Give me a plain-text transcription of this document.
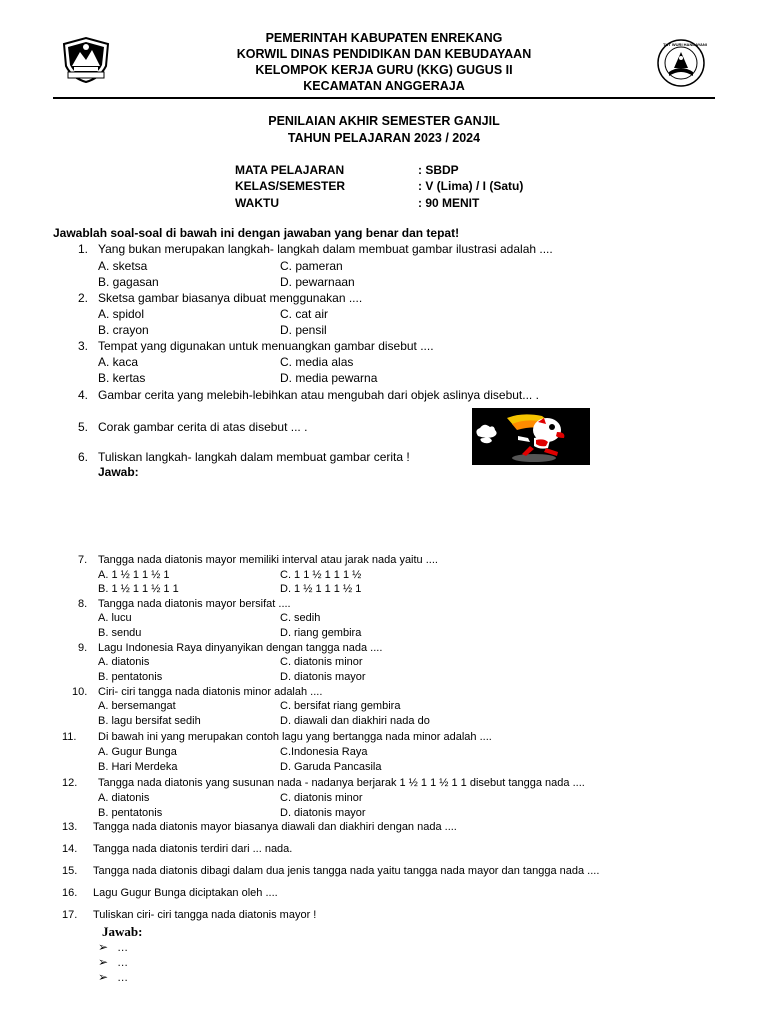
TUT WURI HANDAYANI
PEMERINTAH KABUPATEN ENREKANG
KORWIL DINAS PENDIDIKAN DAN KEBUDAYAAN
KELOMPOK KERJA GURU (KKG) GUGUS II
KECAMATAN ANGGERAJA
PENILAIAN AKHIR SEMESTER GANJIL
TAHUN PELAJARAN 2023 / 2024
MATA PELAJARAN	: SBDP
KELAS/SEMESTER	: V (Lima) / I (Satu)
WAKTU	: 90 MENIT
Jawablah soal-soal di bawah ini dengan jawaban yang benar dan tepat!
1. Yang bukan merupakan langkah- langkah dalam membuat gambar ilustrasi adalah ....
A. sketsa	C. pameran
B. gagasan	D. pewarnaan
2. Sketsa gambar biasanya dibuat menggunakan ....
A. spidol	C. cat air
B. crayon	D. pensil
3. Tempat yang digunakan untuk menuangkan gambar disebut ....
A. kaca	C. media alas
B. kertas	D. media pewarna
4. Gambar cerita yang melebih-lebihkan atau mengubah dari objek aslinya disebut... .
5. Corak gambar cerita di atas disebut ... .
6. Tuliskan langkah- langkah dalam membuat gambar cerita !
Jawab:
7. Tangga nada diatonis mayor memiliki interval atau jarak nada yaitu ....
A. 1 ½ 1 1 ½ 1	C. 1 1 ½ 1 1 1 ½
B. 1 ½ 1 1 ½ 1 1	D. 1 ½ 1 1 1 ½ 1
8. Tangga nada diatonis mayor bersifat ....
A. lucu	C. sedih
B. sendu	D. riang gembira
9. Lagu Indonesia Raya dinyanyikan dengan tangga nada ....
A. diatonis	C. diatonis minor
B. pentatonis	D. diatonis mayor
10. Ciri- ciri tangga nada diatonis minor adalah ....
A. bersemangat	C. bersifat riang gembira
B. lagu bersifat sedih	D. diawali dan diakhiri nada do
11. Di bawah ini yang merupakan contoh lagu yang bertangga nada minor adalah ....
A. Gugur Bunga	C.Indonesia Raya
B. Hari Merdeka	D. Garuda Pancasila
12. Tangga nada diatonis yang susunan nada - nadanya berjarak 1 ½ 1 1 ½ 1 1 disebut tangga nada ....
A. diatonis	C. diatonis minor
B. pentatonis	D. diatonis mayor
13. Tangga nada diatonis mayor biasanya diawali dan diakhiri dengan nada ....
14. Tangga nada diatonis terdiri dari ... nada.
15. Tangga nada diatonis dibagi dalam dua jenis tangga nada yaitu tangga nada mayor dan tangga nada ....
16. Lagu Gugur Bunga diciptakan oleh ....
17. Tuliskan ciri- ciri tangga nada diatonis mayor !
Jawab:
➢ …
➢ …
➢ …
